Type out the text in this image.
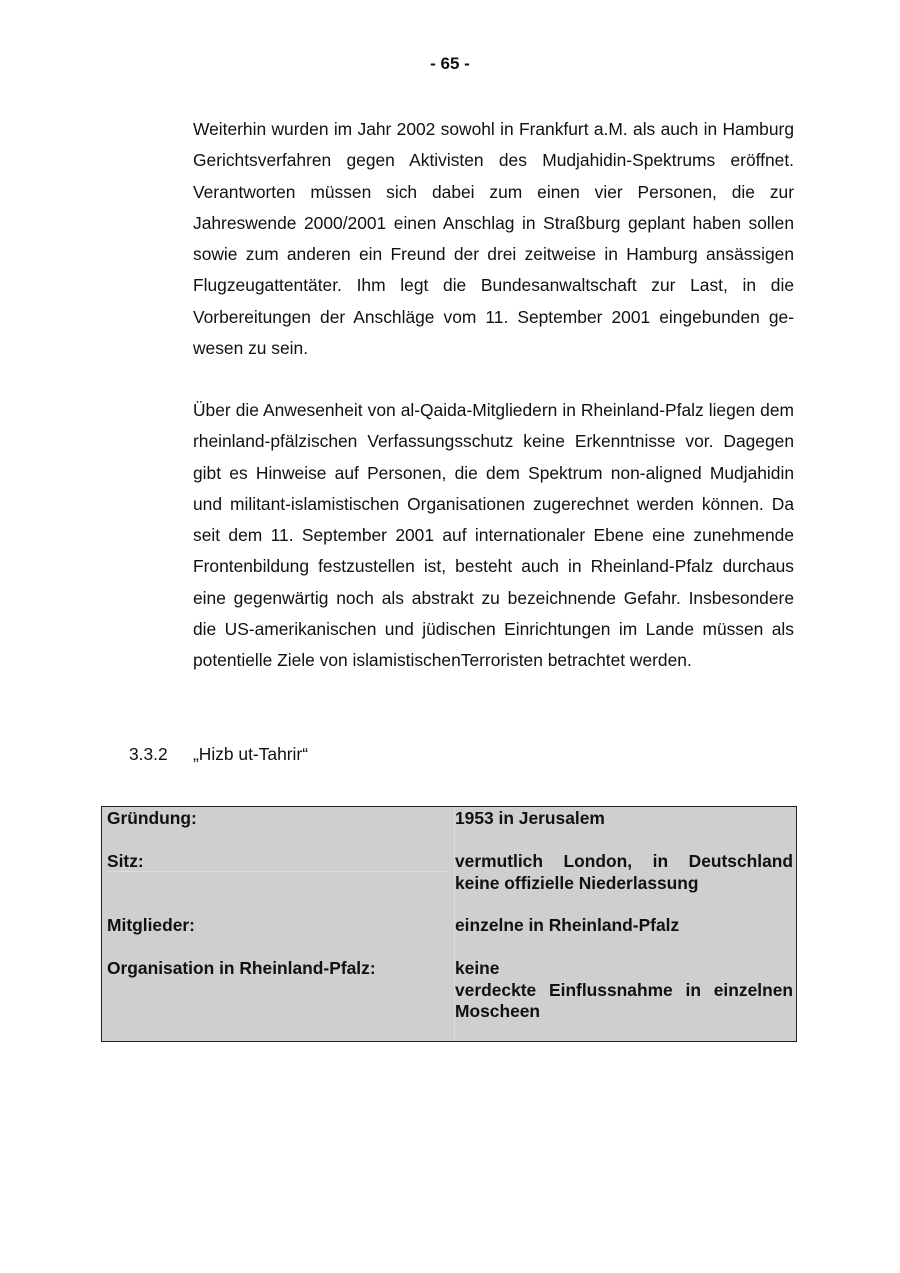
- 65 -

Weiterhin wurden im Jahr 2002 sowohl in Frankfurt a.M. als auch in Hamburg Gerichtsverfahren gegen Aktivisten des Mudjahidin-Spektrums eröffnet. Verantworten müssen sich dabei zum einen vier Personen, die zur Jahreswende 2000/2001 einen Anschlag in Straßburg geplant haben sollen sowie zum anderen ein Freund der drei zeitweise in Hamburg ansässigen Flugzeugattentäter. Ihm legt die Bundesanwaltschaft zur Last, in die Vorbereitungen der Anschläge vom 11. September 2001 eingebunden gewesen zu sein.

Über die Anwesenheit von al-Qaida-Mitgliedern in Rheinland-Pfalz liegen dem rheinland-pfälzischen Verfassungsschutz keine Erkenntnisse vor. Dagegen gibt es Hinweise auf Personen, die dem Spektrum non-aligned Mudjahidin und militant-islamistischen Organisationen zugerechnet werden können. Da seit dem 11. September 2001 auf internationaler Ebene eine zunehmende Frontenbildung festzustellen ist, besteht auch in Rheinland-Pfalz durchaus eine gegenwärtig noch als abstrakt zu bezeichnende Gefahr. Insbesondere die US-amerikanischen und jüdischen Einrichtungen im Lande müssen als potentielle Ziele von islamistischenTerroristen betrachtet werden.

3.3.2 „Hizb ut-Tahrir“

Gründung:

Sitz:

Mitglieder:

Organisation in Rheinland-Pfalz:

1953 in Jerusalem

vermutlich London, in Deutschland keine offizielle Niederlassung

einzelne in Rheinland-Pfalz

keine

verdeckte Einflussnahme in einzelnen Moscheen
